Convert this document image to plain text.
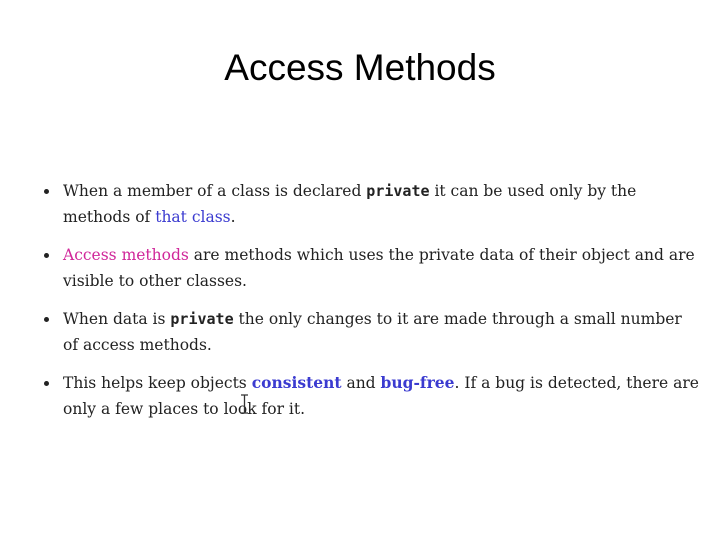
Access Methods
When a member of a class is declared private it can be used only by the methods of that class.
Access methods are methods which uses the private data of their object and are visible to other classes.
When data is private the only changes to it are made through a small number of access methods.
This helps keep objects consistent and bug-free. If a bug is detected, there are only a few places to look for it.
